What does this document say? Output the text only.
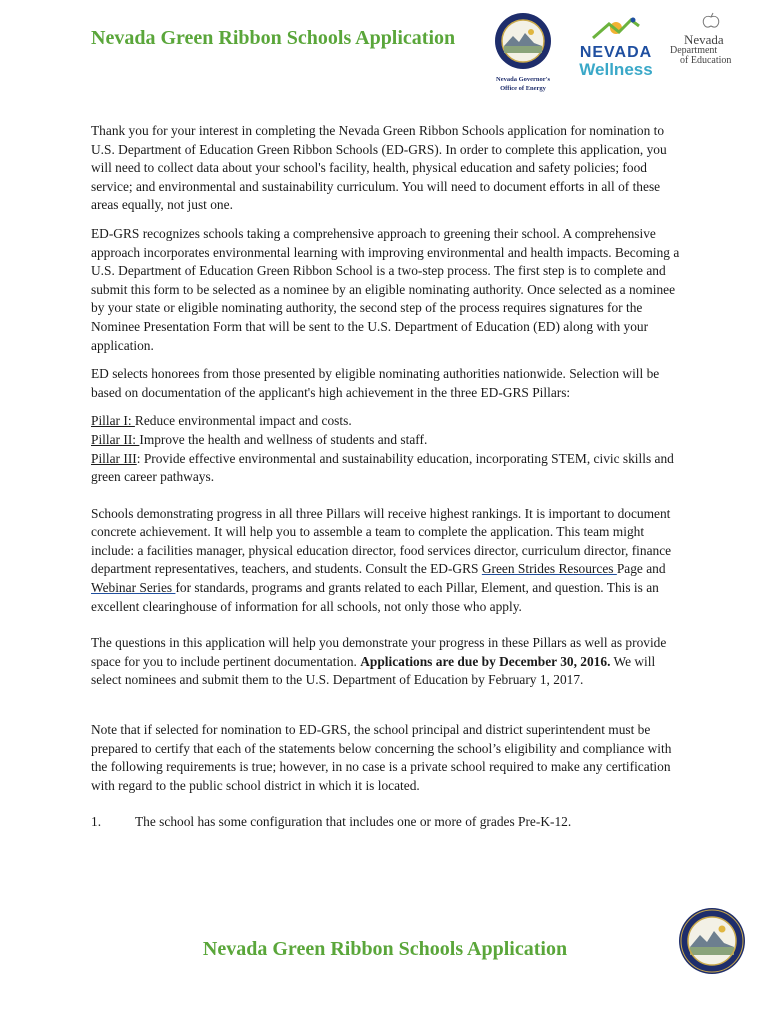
Nevada Green Ribbon Schools Application
Nevada Governor's
Office of Energy
NEVADA
Wellness
Nevada
Department
of Education

Thank you for your interest in completing the Nevada Green Ribbon Schools application for nomination to U.S. Department of Education Green Ribbon Schools (ED-GRS). In order to complete this application, you will need to collect data about your school's facility, health, physical education and safety policies; food service; and environmental and sustainability curriculum. You will need to document efforts in all of these areas equally, not just one.

ED-GRS recognizes schools taking a comprehensive approach to greening their school. A comprehensive approach incorporates environmental learning with improving environmental and health impacts. Becoming a U.S. Department of Education Green Ribbon School is a two-step process. The first step is to complete and submit this form to be selected as a nominee by an eligible nominating authority. Once selected as a nominee by your state or eligible nominating authority, the second step of the process requires signatures for the Nominee Presentation Form that will be sent to the U.S. Department of Education (ED) along with your application.

ED selects honorees from those presented by eligible nominating authorities nationwide. Selection will be based on documentation of the applicant's high achievement in the three ED-GRS Pillars:

Pillar I: Reduce environmental impact and costs.
Pillar II: Improve the health and wellness of students and staff.
Pillar III: Provide effective environmental and sustainability education, incorporating STEM, civic skills and green career pathways.

Schools demonstrating progress in all three Pillars will receive highest rankings. It is important to document concrete achievement. It will help you to assemble a team to complete the application. This team might include: a facilities manager, physical education director, food services director, curriculum director, finance department representatives, teachers, and students. Consult the ED-GRS Green Strides Resources Page and Webinar Series for standards, programs and grants related to each Pillar, Element, and question. This is an excellent clearinghouse of information for all schools, not only those who apply.

The questions in this application will help you demonstrate your progress in these Pillars as well as provide space for you to include pertinent documentation. Applications are due by December 30, 2016. We will select nominees and submit them to the U.S. Department of Education by February 1, 2017.

Note that if selected for nomination to ED-GRS, the school principal and district superintendent must be prepared to certify that each of the statements below concerning the school’s eligibility and compliance with the following requirements is true; however, in no case is a private school required to make any certification with regard to the public school district in which it is located.

1.	The school has some configuration that includes one or more of grades Pre-K-12.
Nevada Green Ribbon Schools Application
